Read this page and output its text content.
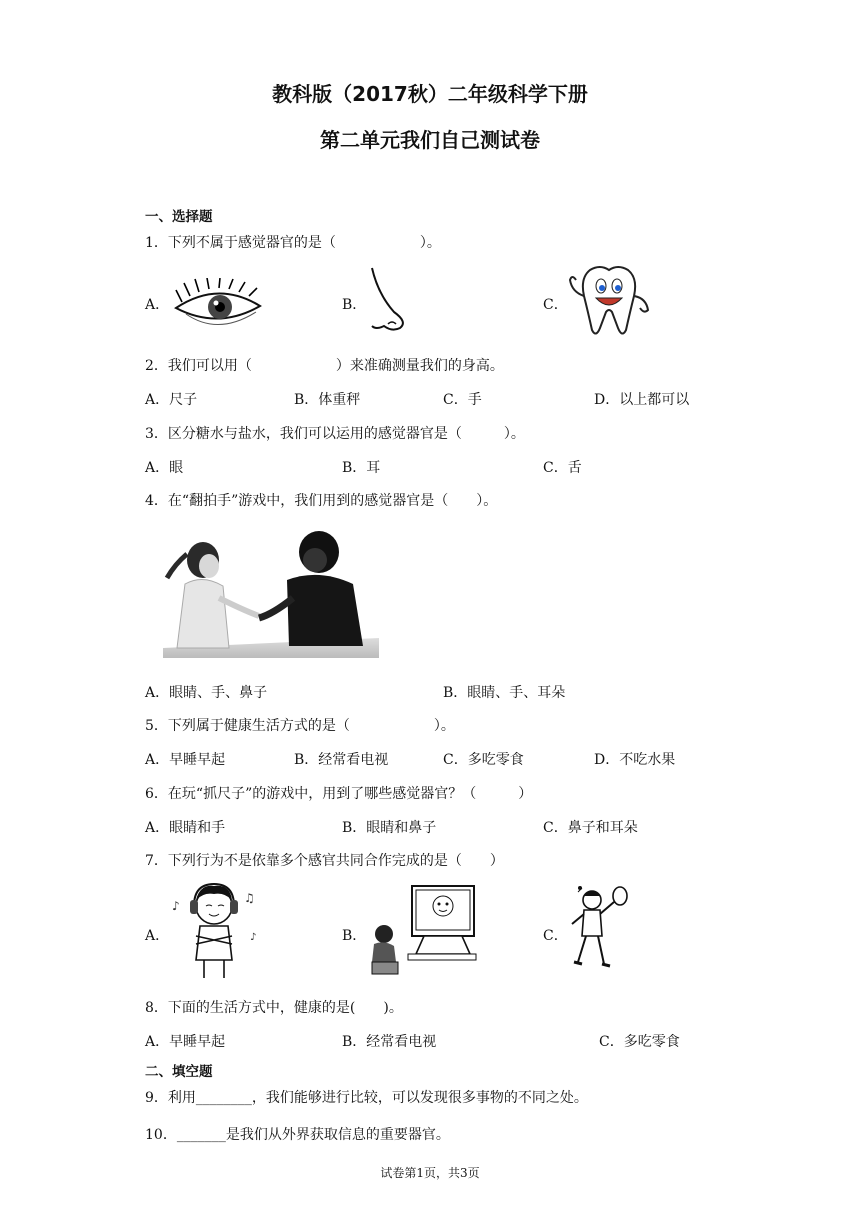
教科版（2017秋）二年级科学下册
第二单元我们自己测试卷
一、选择题
1．下列不属于感觉器官的是（　　　　　　）。
A．	B．	C．
2．我们可以用（　　　　　　）来准确测量我们的身高。
A．尺子	B．体重秤	C．手	D．以上都可以
3．区分糖水与盐水，我们可以运用的感觉器官是（　　　）。
A．眼	B．耳	C．舌
4．在“翻拍手”游戏中，我们用到的感觉器官是（　　）。
A．眼睛、手、鼻子	B．眼睛、手、耳朵
5．下列属于健康生活方式的是（　　　　　　）。
A．早睡早起	B．经常看电视	C．多吃零食	D．不吃水果
6．在玩“抓尺子”的游戏中，用到了哪些感觉器官？（　　　）
A．眼睛和手	B．眼睛和鼻子	C．鼻子和耳朵
7．下列行为不是依靠多个感官共同合作完成的是（　　）
A．
♪
♫
♪	B．	C．
8．下面的生活方式中，健康的是(　　)。
A．早睡早起	B．经常看电视	C．多吃零食
二、填空题
9．利用________，我们能够进行比较，可以发现很多事物的不同之处。
10．_______是我们从外界获取信息的重要器官。
试卷第1页，共3页
